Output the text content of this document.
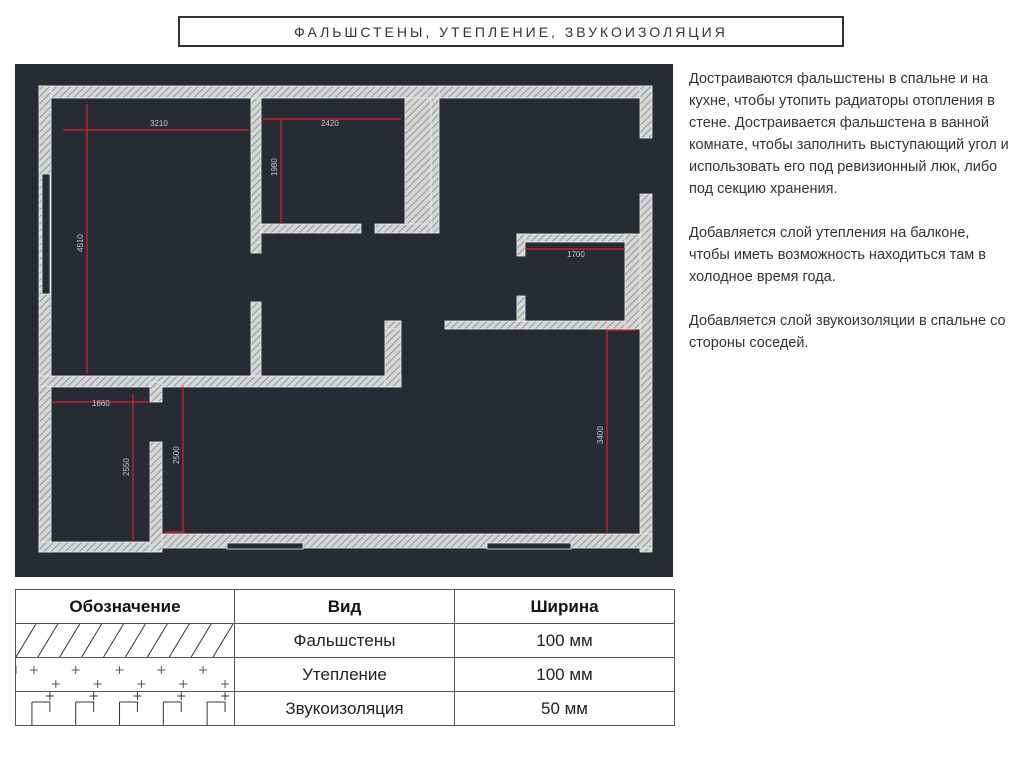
ФАЛЬШСТЕНЫ, УТЕПЛЕНИЕ, ЗВУКОИЗОЛЯЦИЯ
3210	2420
1980
4510
1700
1660
2550
2500
3400

Достраиваются фальшстены в спальне и на кухне, чтобы утопить радиаторы отопления в стене. Достраивается фальшстена в ванной комнате, чтобы заполнить выступающий угол и использовать его под ревизионный люк, либо под секцию хранения.

Добавляется слой утепления на балконе, чтобы иметь возможность находиться там в холодное время года.

Добавляется слой звукоизоляции в спальне со стороны соседей.

Обозначение	Вид	Ширина

	Фальшстены	100 мм

	Утепление	100 мм

	Звукоизоляция	50 мм
